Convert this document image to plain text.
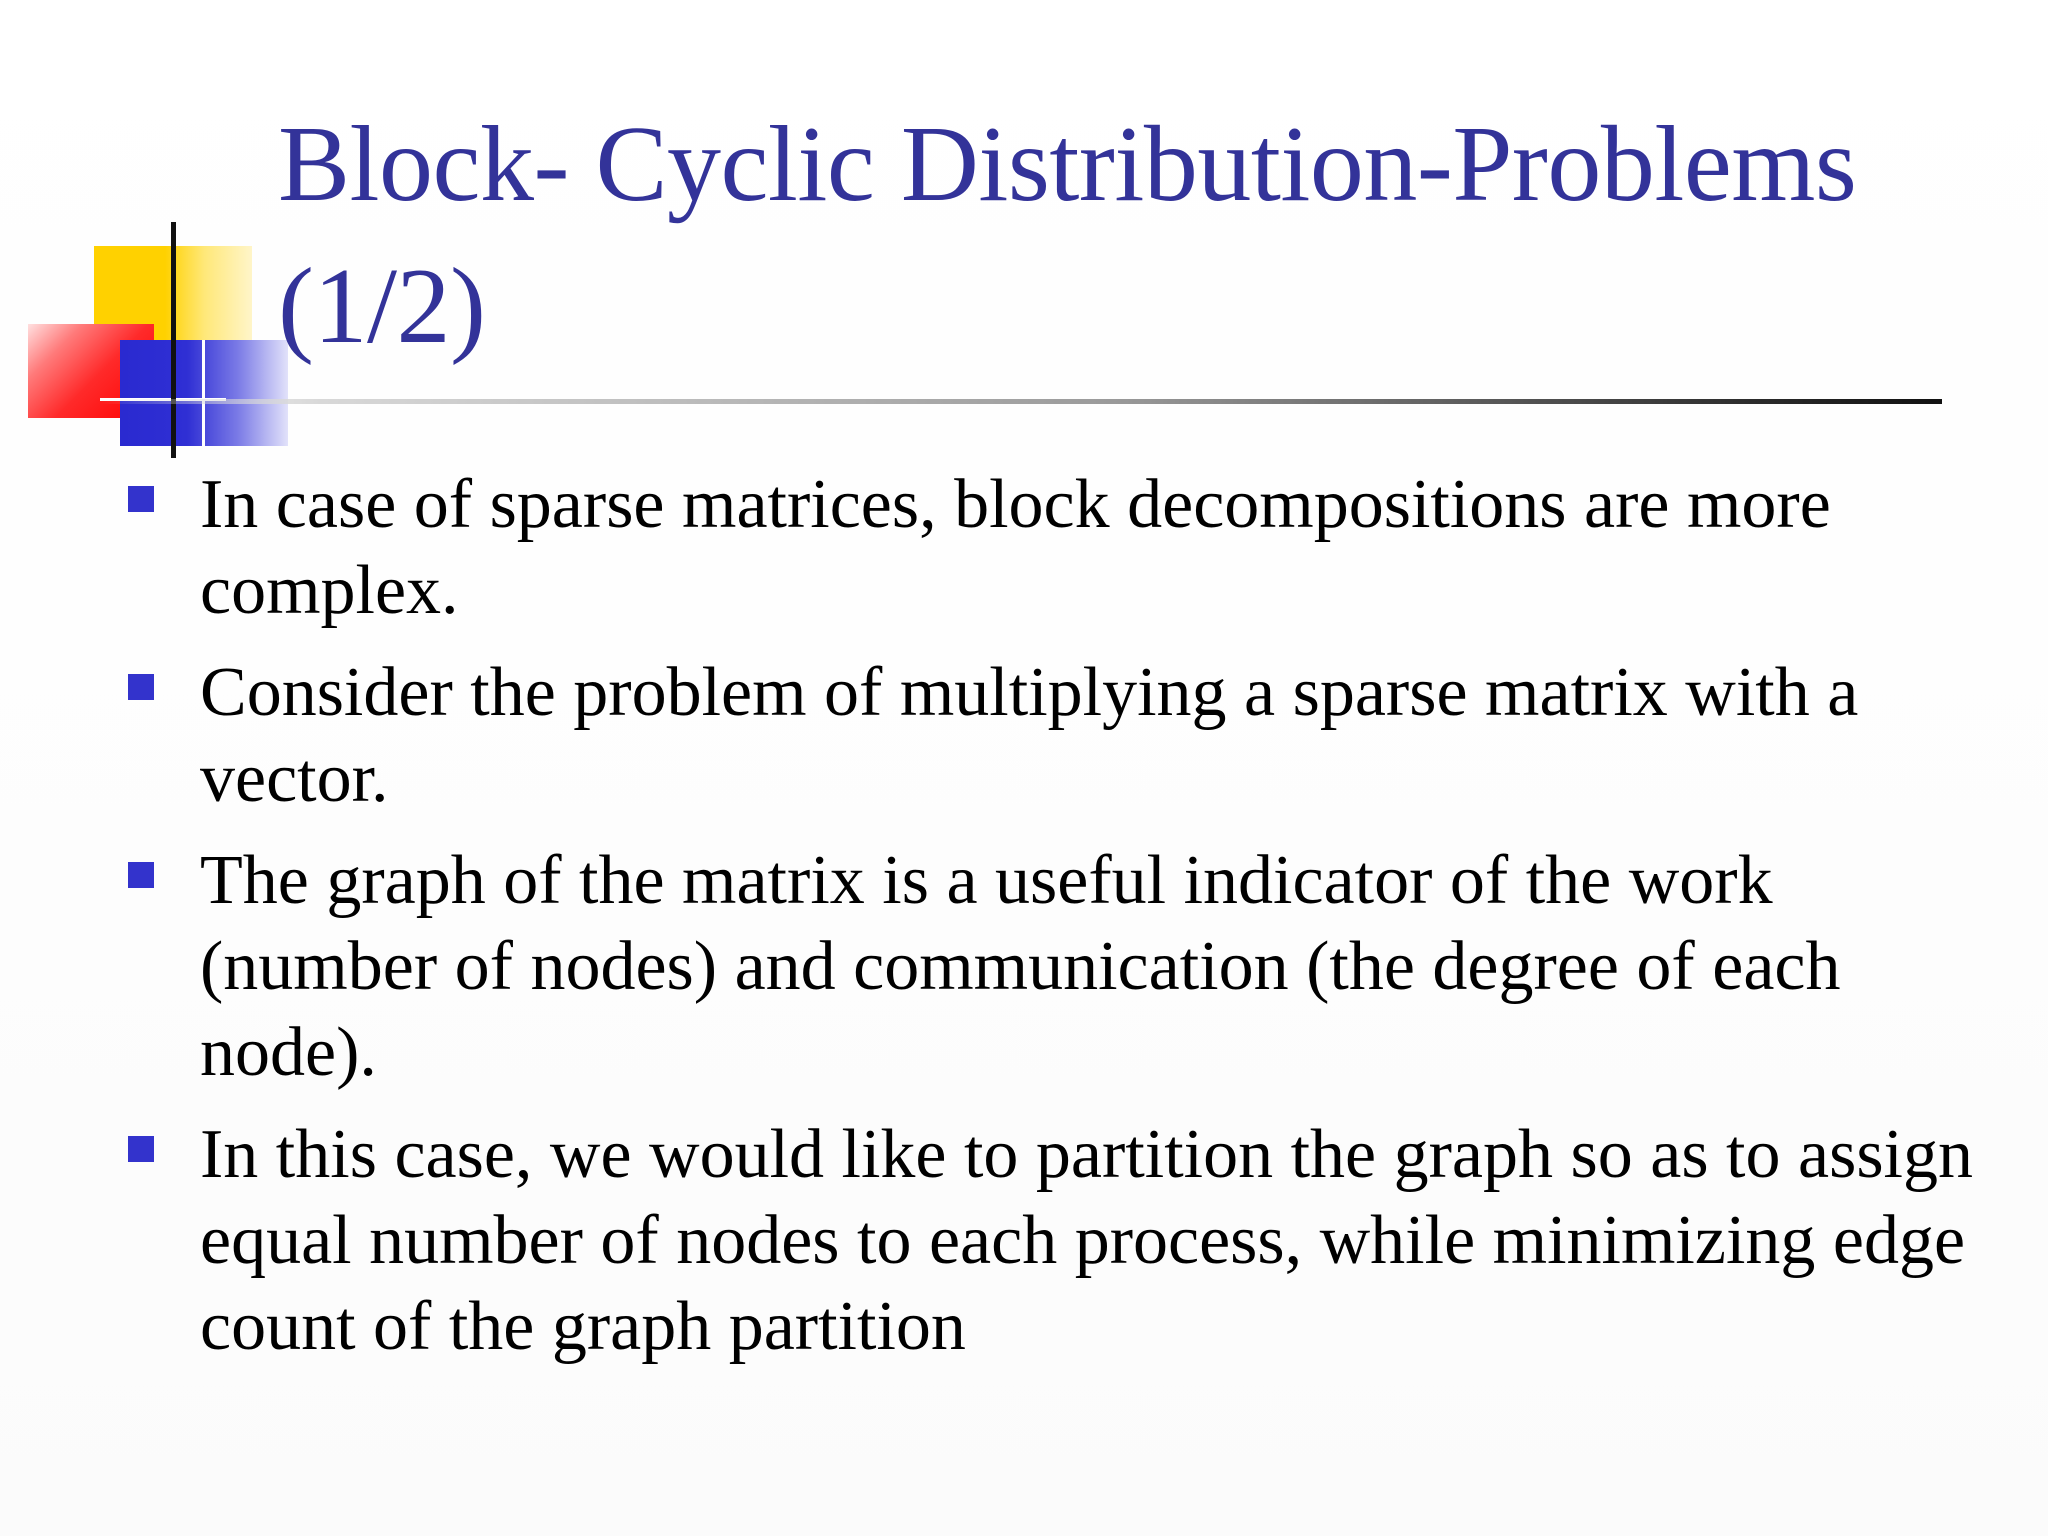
Block- Cyclic Distribution-Problems (1/2)
In case of sparse matrices, block decompositions are more complex.
Consider the problem of multiplying a sparse matrix with a vector.
The graph of the matrix is a useful indicator of the work (number of nodes) and communication (the degree of each node).
In this case, we would like to partition the graph so as to assign equal number of nodes to each process, while minimizing edge count of the graph partition
